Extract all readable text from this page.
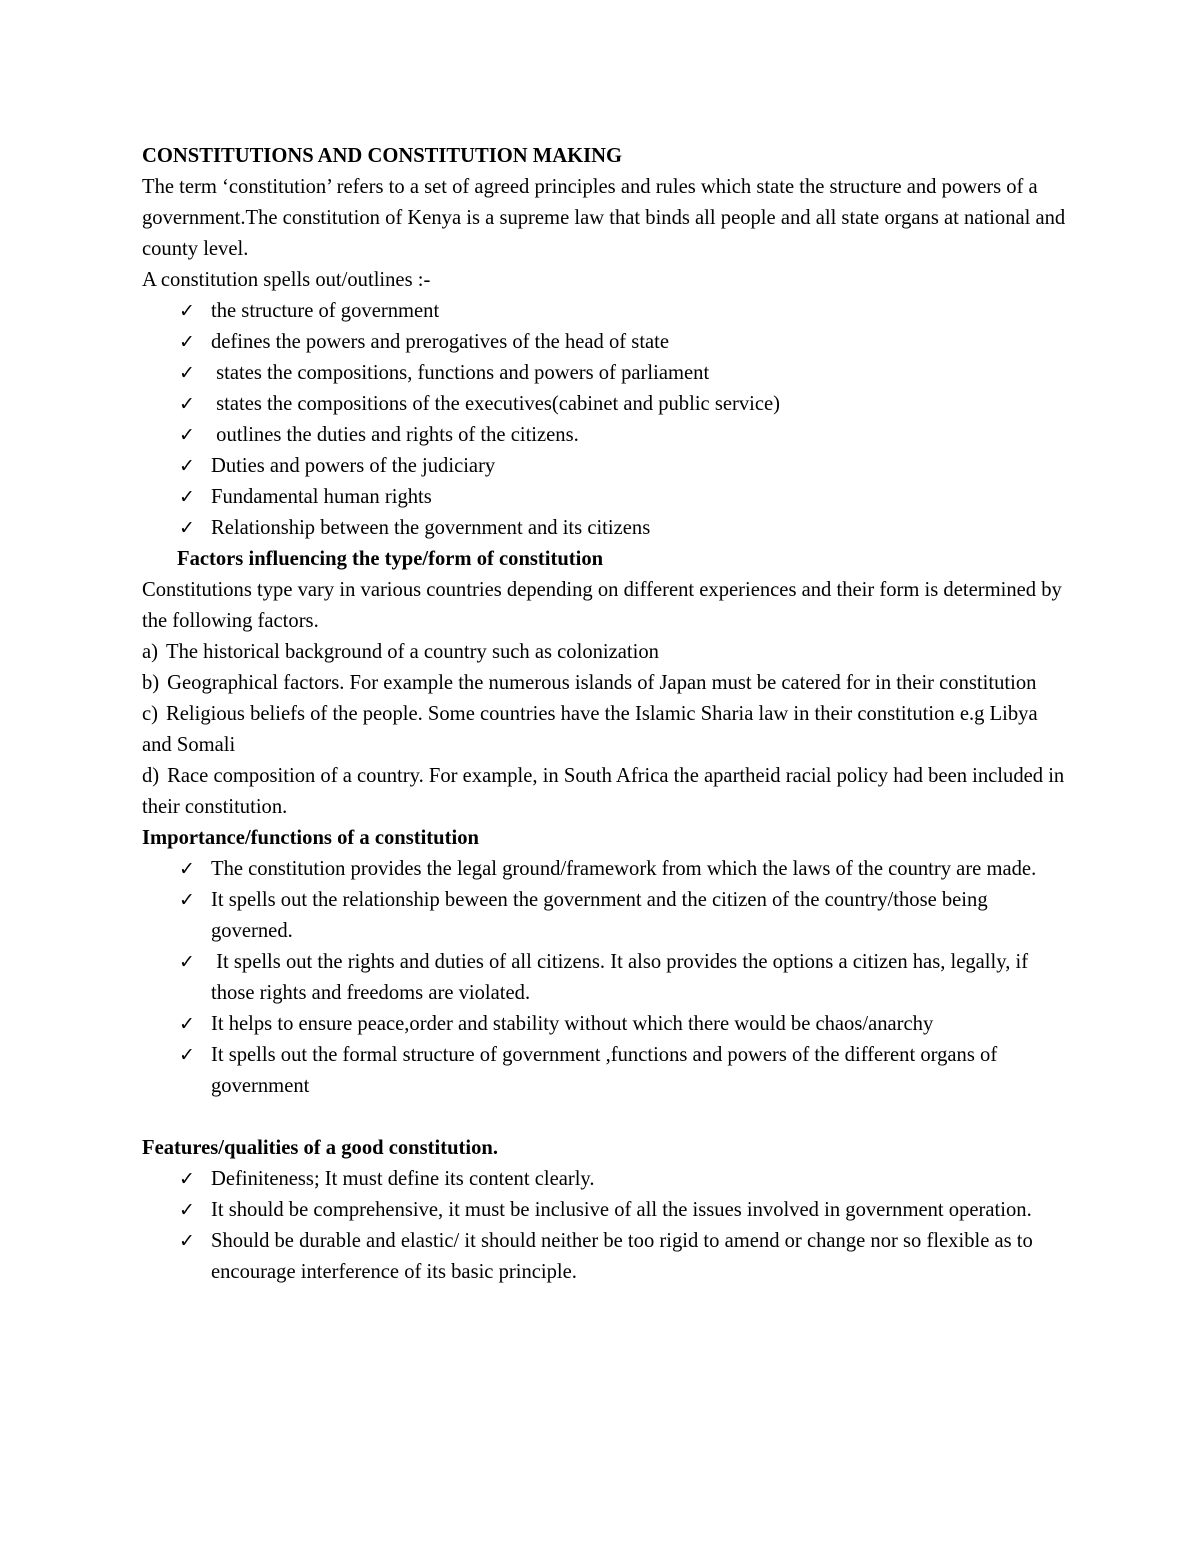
CONSTITUTIONS AND CONSTITUTION MAKING

The term ‘constitution’ refers to a set of agreed principles and rules which state the structure and powers of a government.The constitution of Kenya is a supreme law that binds all people and all state organs at national and county level.

A constitution spells out/outlines :-

✓
the structure of government
✓
defines the powers and prerogatives of the head of state
✓
states the compositions, functions and powers of parliament
✓
states the compositions of the executives(cabinet and public service)
✓
outlines the duties and rights of the citizens.
✓
Duties and powers of the judiciary
✓
Fundamental human rights
✓
Relationship between the government and its citizens

Factors influencing the type/form of constitution

Constitutions type vary in various countries depending on different experiences and their form is determined by the following factors.

a) The historical background of a country such as colonization
b) Geographical factors. For example the numerous islands of Japan must be catered for in their constitution
c) Religious beliefs of the people. Some countries have the Islamic Sharia law in their constitution e.g Libya and Somali
d) Race composition of a country. For example, in South Africa the apartheid racial policy had been included in their constitution.

Importance/functions of a constitution

✓
The constitution provides the legal ground/framework from which the laws of the country are made.
✓
It spells out the relationship beween the government and the citizen of the country/those being governed.
✓
It spells out the rights and duties of all citizens. It also provides the options a citizen has, legally, if those rights and freedoms are violated.
✓
It helps to ensure peace,order and stability without which there would be chaos/anarchy
✓
It spells out the formal structure of government ,functions and powers of the different organs of government

Features/qualities of a good constitution.

✓
Definiteness; It must define its content clearly.
✓
It should be comprehensive, it must be inclusive of all the issues involved in government operation.
✓
Should be durable and elastic/ it should neither be too rigid to amend or change nor so flexible as to encourage interference of its basic principle.
